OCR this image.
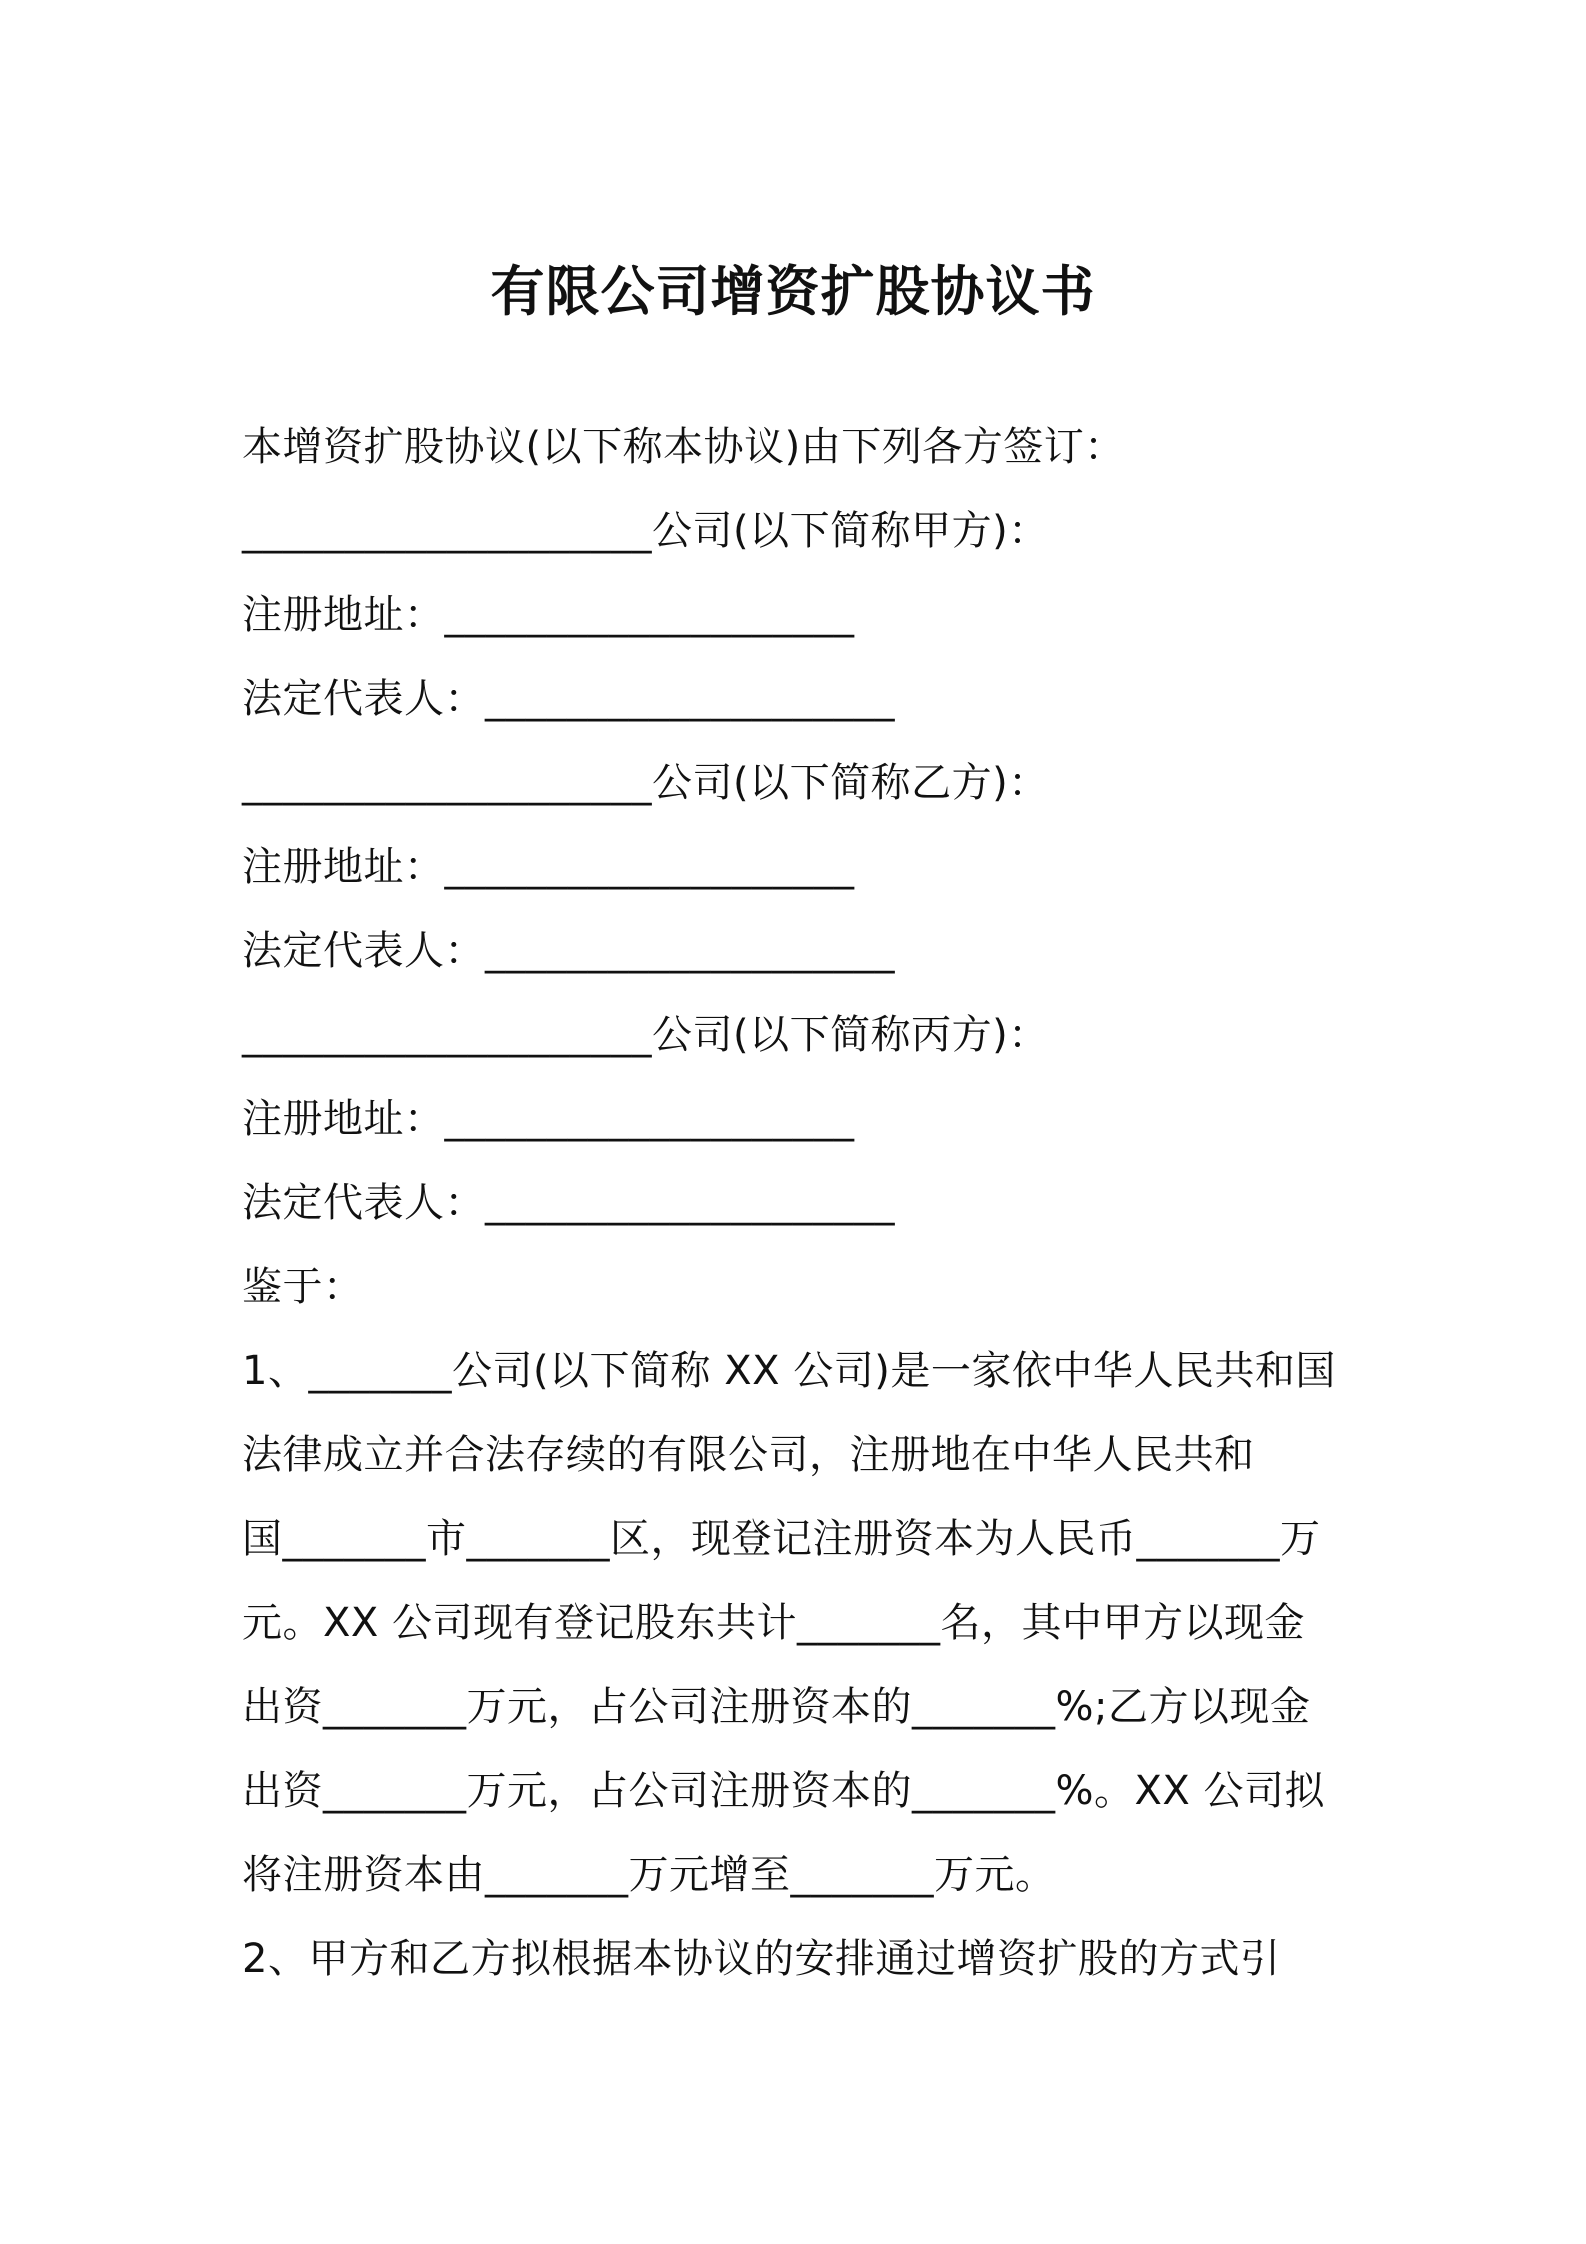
有限公司增资扩股协议书
本增资扩股协议(以下称本协议)由下列各方签订：
____________________公司(以下简称甲方)：
注册地址：____________________
法定代表人：____________________
____________________公司(以下简称乙方)：
注册地址：____________________
法定代表人：____________________
____________________公司(以下简称丙方)：
注册地址：____________________
法定代表人：____________________
鉴于：
1、_______公司(以下简称 XX 公司)是一家依中华人民共和国
法律成立并合法存续的有限公司，注册地在中华人民共和
国_______市_______区，现登记注册资本为人民币_______万
元。XX 公司现有登记股东共计_______名，其中甲方以现金
出资_______万元，占公司注册资本的_______%;乙方以现金
出资_______万元，占公司注册资本的_______%。XX 公司拟
将注册资本由_______万元增至_______万元。
2、甲方和乙方拟根据本协议的安排通过增资扩股的方式引
